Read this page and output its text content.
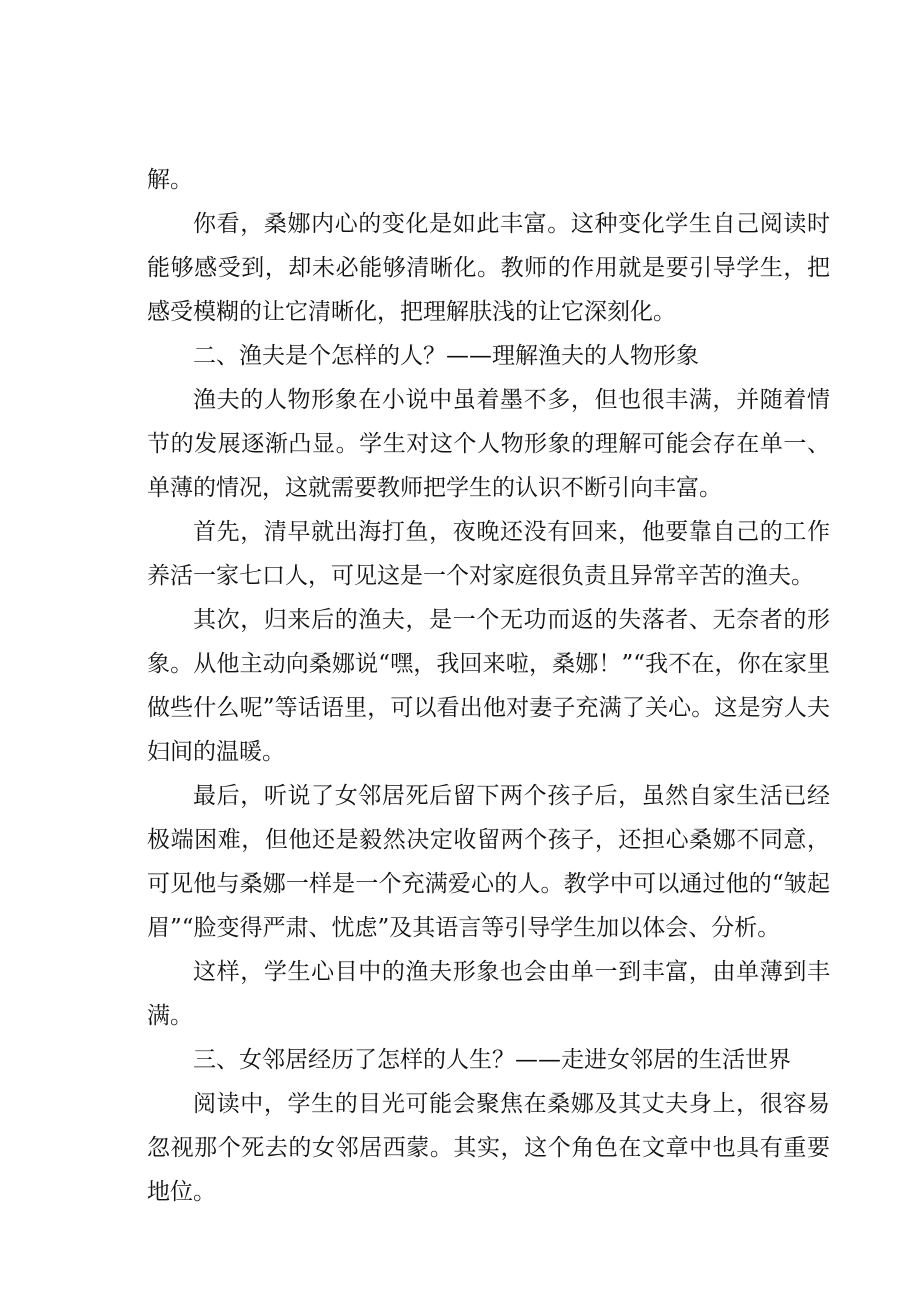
解。

你看，桑娜内心的变化是如此丰富。这种变化学生自己阅读时能够感受到，却未必能够清晰化。教师的作用就是要引导学生，把感受模糊的让它清晰化，把理解肤浅的让它深刻化。

二、渔夫是个怎样的人？——理解渔夫的人物形象

渔夫的人物形象在小说中虽着墨不多，但也很丰满，并随着情节的发展逐渐凸显。学生对这个人物形象的理解可能会存在单一、单薄的情况，这就需要教师把学生的认识不断引向丰富。

首先，清早就出海打鱼，夜晚还没有回来，他要靠自己的工作养活一家七口人，可见这是一个对家庭很负责且异常辛苦的渔夫。

其次，归来后的渔夫，是一个无功而返的失落者、无奈者的形象。从他主动向桑娜说“嘿，我回来啦，桑娜！”“我不在，你在家里做些什么呢”等话语里，可以看出他对妻子充满了关心。这是穷人夫妇间的温暖。

最后，听说了女邻居死后留下两个孩子后，虽然自家生活已经极端困难，但他还是毅然决定收留两个孩子，还担心桑娜不同意，可见他与桑娜一样是一个充满爱心的人。教学中可以通过他的“皱起眉”“脸变得严肃、忧虑”及其语言等引导学生加以体会、分析。

这样，学生心目中的渔夫形象也会由单一到丰富，由单薄到丰满。

三、女邻居经历了怎样的人生？——走进女邻居的生活世界

阅读中，学生的目光可能会聚焦在桑娜及其丈夫身上，很容易忽视那个死去的女邻居西蒙。其实，这个角色在文章中也具有重要地位。
